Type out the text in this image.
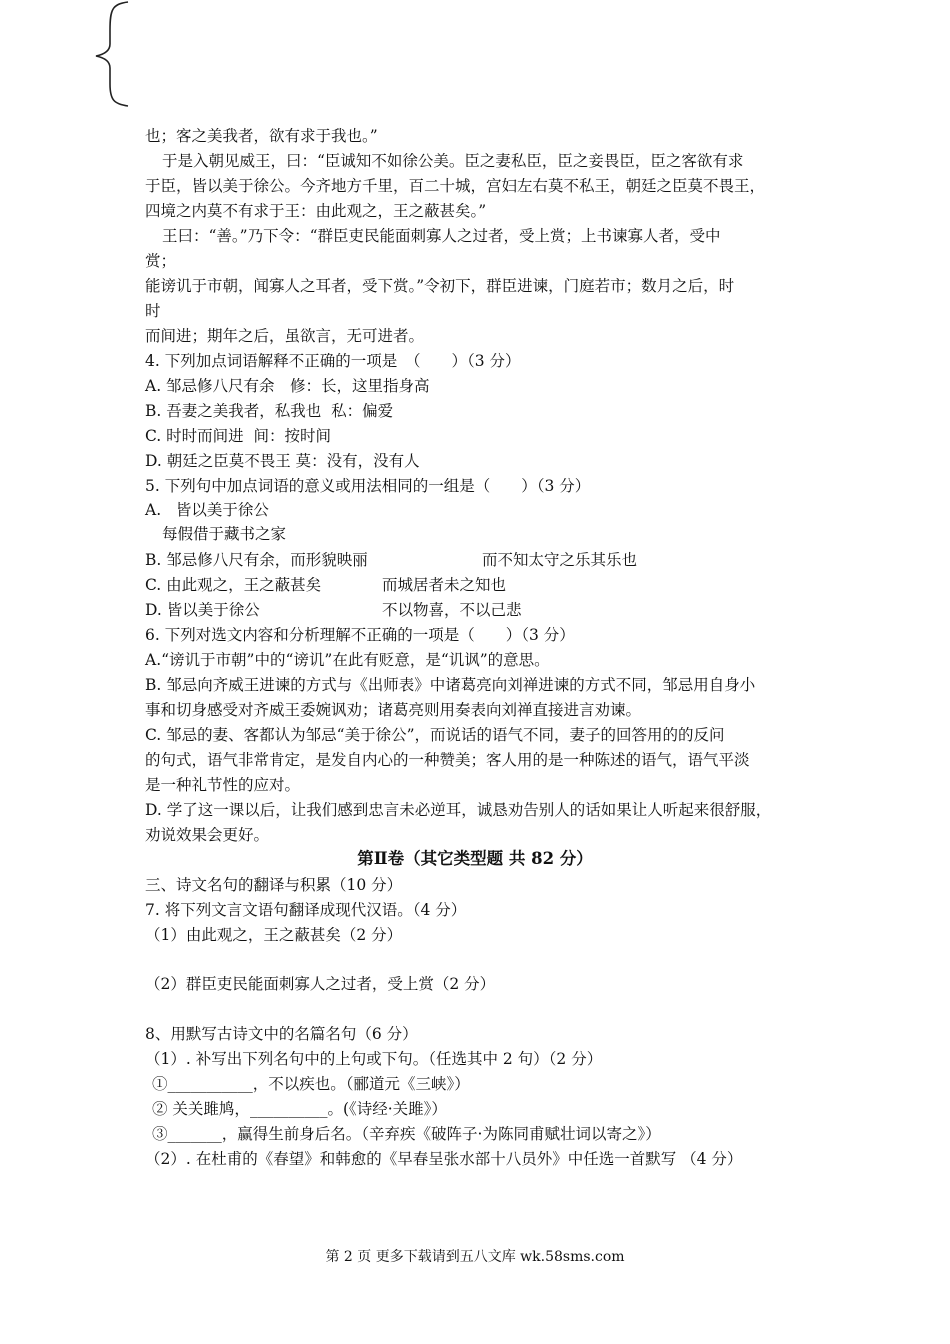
也；客之美我者，欲有求于我也。”
于是入朝见威王，曰：“臣诚知不如徐公美。臣之妻私臣，臣之妾畏臣，臣之客欲有求
于臣，皆以美于徐公。今齐地方千里，百二十城，宫妇左右莫不私王，朝廷之臣莫不畏王，
四境之内莫不有求于王：由此观之，王之蔽甚矣。”
王曰：“善。”乃下令：“群臣吏民能面刺寡人之过者，受上赏；上书谏寡人者，受中
赏；
能谤讥于市朝，闻寡人之耳者，受下赏。”令初下，群臣进谏，门庭若市；数月之后，时
时
而间进；期年之后，虽欲言，无可进者。
4. 下列加点词语解释不正确的一项是　（　　）（3 分）
A. 邹忌修八尺有余　修：长，这里指身高
B. 吾妻之美我者，私我也  私：偏爱
C. 时时而间进  间：按时间
D. 朝廷之臣莫不畏王 莫：没有，没有人
5. 下列句中加点词语的意义或用法相同的一组是（　　）（3 分）
A.   皆以美于徐公
每假借于藏书之家
B. 邹忌修八尺有余，而形貌映丽	而不知太守之乐其乐也
C. 由此观之，王之蔽甚矣	而城居者未之知也
D. 皆以美于徐公	不以物喜，不以己悲
6. 下列对选文内容和分析理解不正确的一项是（　　）（3 分）
A.“谤讥于市朝”中的“谤讥”在此有贬意，是“讥讽”的意思。
B. 邹忌向齐威王进谏的方式与《出师表》中诸葛亮向刘禅进谏的方式不同，邹忌用自身小
事和切身感受对齐威王委婉讽劝；诸葛亮则用奏表向刘禅直接进言劝谏。
C. 邹忌的妻、客都认为邹忌“美于徐公”，而说话的语气不同，妻子的回答用的的反问
的句式，语气非常肯定，是发自内心的一种赞美；客人用的是一种陈述的语气，语气平淡
是一种礼节性的应对。
D. 学了这一课以后，让我们感到忠言未必逆耳，诚恳劝告别人的话如果让人听起来很舒服，
劝说效果会更好。
第Ⅱ卷（其它类型题 共 82 分）
三、诗文名句的翻译与积累（10 分）
7. 将下列文言文语句翻译成现代汉语。（4 分）
（1）由此观之，王之蔽甚矣（2 分）
（2）群臣吏民能面刺寡人之过者，受上赏（2 分）
8、用默写古诗文中的名篇名句（6 分）
（1）. 补写出下列名句中的上句或下句。（任选其中 2 句）（2 分）
①___________，不以疾也。（郦道元《三峡》）
② 关关雎鸠，__________。(《诗经·关雎》）
③_______，赢得生前身后名。（辛弃疾《破阵子·为陈同甫赋壮词以寄之》）
（2）. 在杜甫的《春望》和韩愈的《早春呈张水部十八员外》中任选一首默写 （4 分）
第 2 页 更多下载请到五八文库 wk.58sms.com
